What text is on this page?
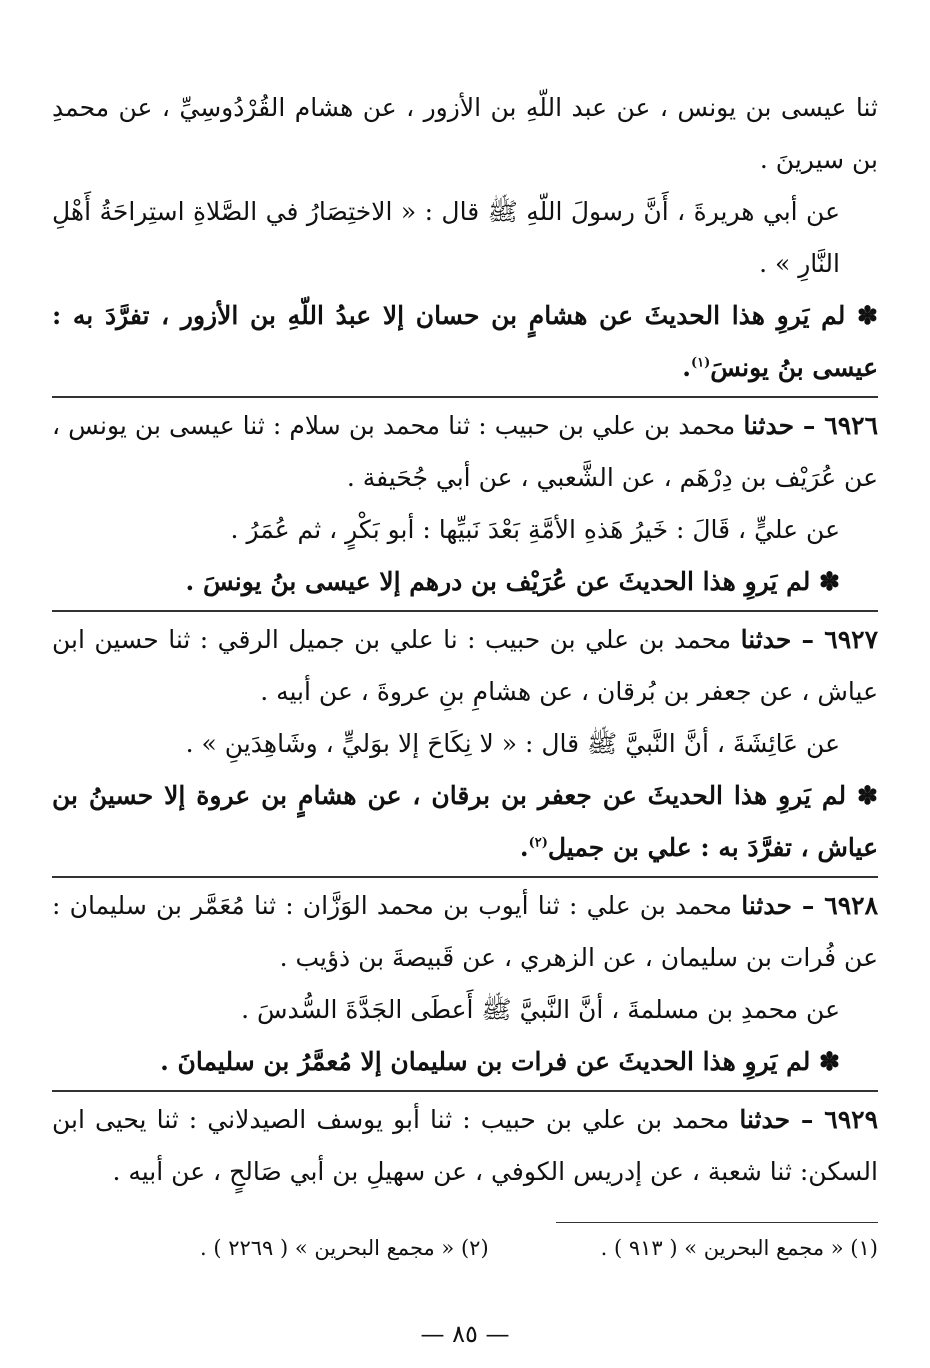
ثنا عيسى بن يونس ، عن عبد اللّهِ بن الأزور ، عن هشام القُرْدُوسِيِّ ، عن محمدِ بن سيرينَ .

عن أبي هريرةَ ، أَنَّ رسولَ اللّهِ ﷺ قال : « الاختِصَارُ في الصَّلاةِ استِراحَةُ أَهْلِ النَّارِ » .

✽ لم يَروِ هذا الحديثَ عن هشامٍ بن حسان إلا عبدُ اللّهِ بن الأزور ، تفرَّدَ به : عيسى بنُ يونسَ$^{(١)}$.

٦٩٢٦ – حدثنا محمد بن علي بن حبيب : ثنا محمد بن سلام : ثنا عيسى بن يونس ، عن عُرَيْف بن دِرْهَم ، عن الشَّعبي ، عن أبي جُحَيفة .

عن عليٍّ ، قَالَ : خَيرُ هَذهِ الأمَّةِ بَعْدَ نَبيِّها : أبو بَكْرٍ ، ثم عُمَرُ .

✽ لم يَروِ هذا الحديثَ عن عُرَيْف بن درهم إلا عيسى بنُ يونسَ .

٦٩٢٧ – حدثنا محمد بن علي بن حبيب : نا علي بن جميل الرقي : ثنا حسين ابن عياش ، عن جعفر بن بُرقان ، عن هشامِ بنِ عروةَ ، عن أبيه .

عن عَائِشَةَ ، أنَّ النَّبيَّ ﷺ قال : « لا نِكَاحَ إلا بوَليٍّ ، وشَاهِدَينِ » .

✽ لم يَروِ هذا الحديثَ عن جعفر بن برقان ، عن هشامٍ بن عروة إلا حسينُ بن عياش ، تفرَّدَ به : علي بن جميل$^{(٢)}$.

٦٩٢٨ – حدثنا محمد بن علي : ثنا أيوب بن محمد الوَزَّان : ثنا مُعَمَّر بن سليمان : عن فُرات بن سليمان ، عن الزهري ، عن قَبيصةَ بن ذؤيب .

عن محمدِ بن مسلمةَ ، أنَّ النَّبيَّ ﷺ أَعطَى الجَدَّةَ السُّدسَ .

✽ لم يَروِ هذا الحديثَ عن فرات بن سليمان إلا مُعمَّرُ بن سليمانَ .

٦٩٢٩ – حدثنا محمد بن علي بن حبيب : ثنا أبو يوسف الصيدلاني : ثنا يحيى ابن السكن: ثنا شعبة ، عن إدريس الكوفي ، عن سهيلِ بن أبي صَالحٍ ، عن أبيه .

(١) « مجمع البحرين » ( ٩١٣ ) .
(٢) « مجمع البحرين » ( ٢٢٦٩ ) .
— ٨٥ —
